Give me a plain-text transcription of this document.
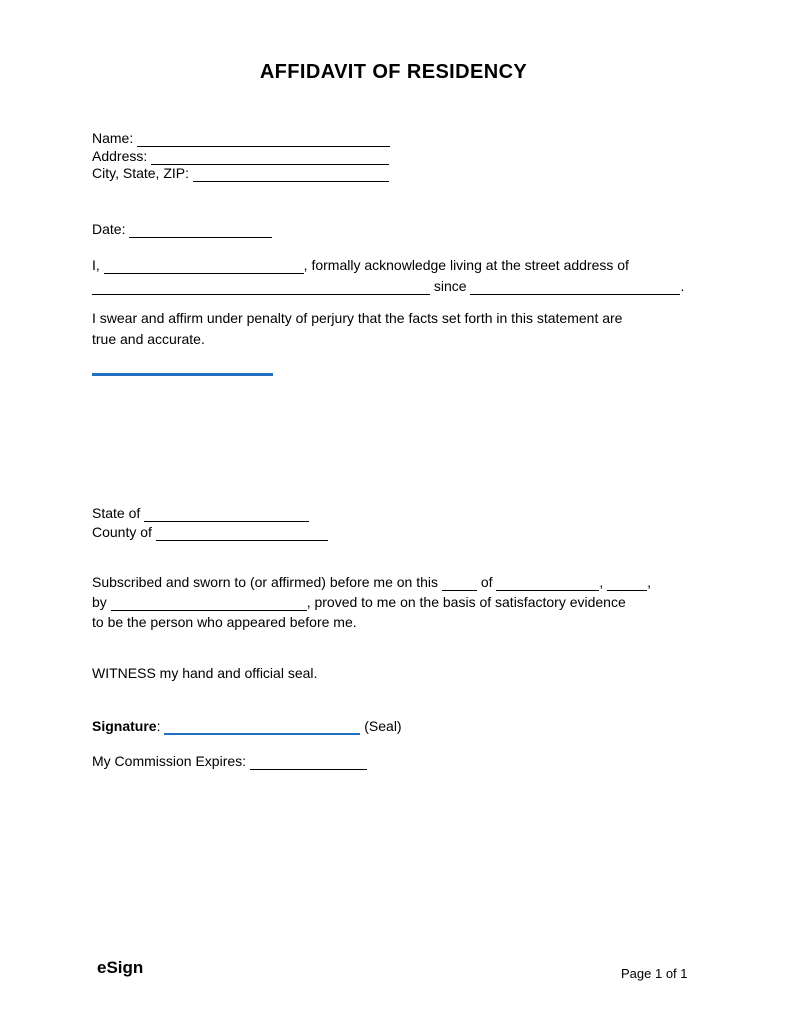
AFFIDAVIT OF RESIDENCY
Name:
Address:
City, State, ZIP:
Date:
I,	, formally acknowledge living at the street address of
since	.
I swear and affirm under penalty of perjury that the facts set forth in this statement are
true and accurate.
State of
County of
Subscribed and sworn to (or affirmed) before me on this	of	,	,
by	, proved to me on the basis of satisfactory evidence
to be the person who appeared before me.
WITNESS my hand and official seal.
Signature:	(Seal)
My Commission Expires:
eSign	Page 1 of 1
